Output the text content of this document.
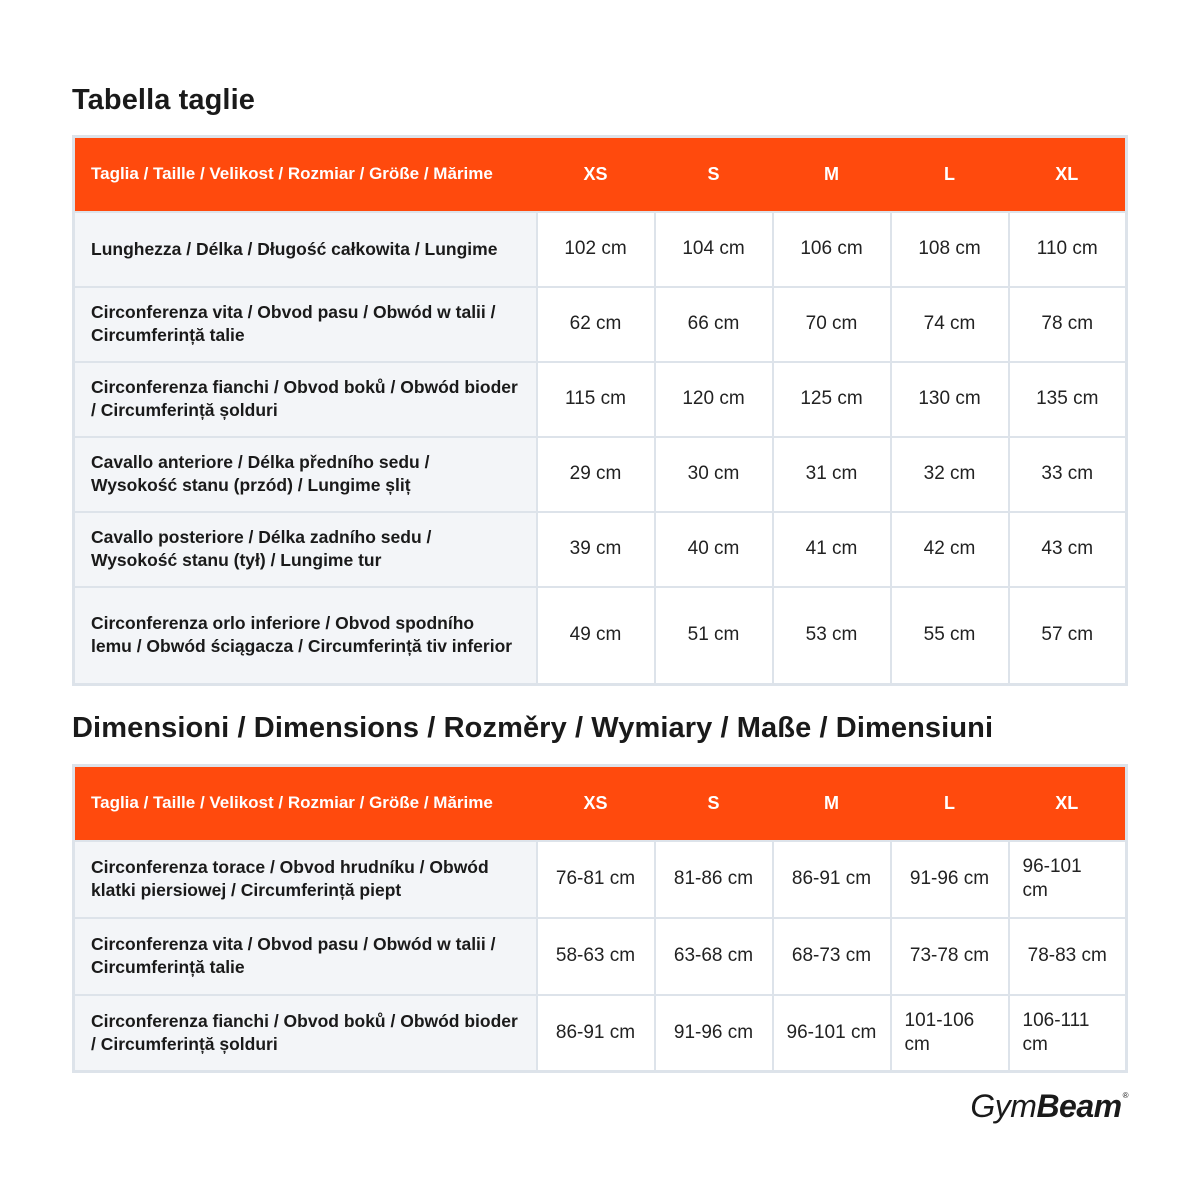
Tabella taglie
Taglia / Taille / Velikost / Rozmiar / Größe / Mărime	XS	S	M	L	XL
Lunghezza / Délka / Długość całkowita / Lungime	102 cm	104 cm	106 cm	108 cm	110 cm
Circonferenza vita / Obvod pasu / Obwód w talii / Circumferință talie	62 cm	66 cm	70 cm	74 cm	78 cm
Circonferenza fianchi / Obvod boků / Obwód bioder / Circumferință șolduri	115 cm	120 cm	125 cm	130 cm	135 cm
Cavallo anteriore / Délka předního sedu / Wysokość stanu (przód) / Lungime șliț	29 cm	30 cm	31 cm	32 cm	33 cm
Cavallo posteriore / Délka zadního sedu / Wysokość stanu (tył) / Lungime tur	39 cm	40 cm	41 cm	42 cm	43 cm
Circonferenza orlo inferiore / Obvod spodního lemu / Obwód ściągacza / Circumferință tiv inferior	49 cm	51 cm	53 cm	55 cm	57 cm
Dimensioni / Dimensions / Rozměry / Wymiary / Maße / Dimensiuni
Taglia / Taille / Velikost / Rozmiar / Größe / Mărime	XS	S	M	L	XL
Circonferenza torace / Obvod hrudníku / Obwód klatki piersiowej / Circumferință piept	76-81 cm	81-86 cm	86-91 cm	91-96 cm	96-101 cm
Circonferenza vita / Obvod pasu / Obwód w talii / Circumferință talie	58-63 cm	63-68 cm	68-73 cm	73-78 cm	78-83 cm
Circonferenza fianchi / Obvod boků / Obwód bioder / Circumferință șolduri	86-91 cm	91-96 cm	96-101 cm	101-106 cm	106-111 cm
Gym Beam ®
